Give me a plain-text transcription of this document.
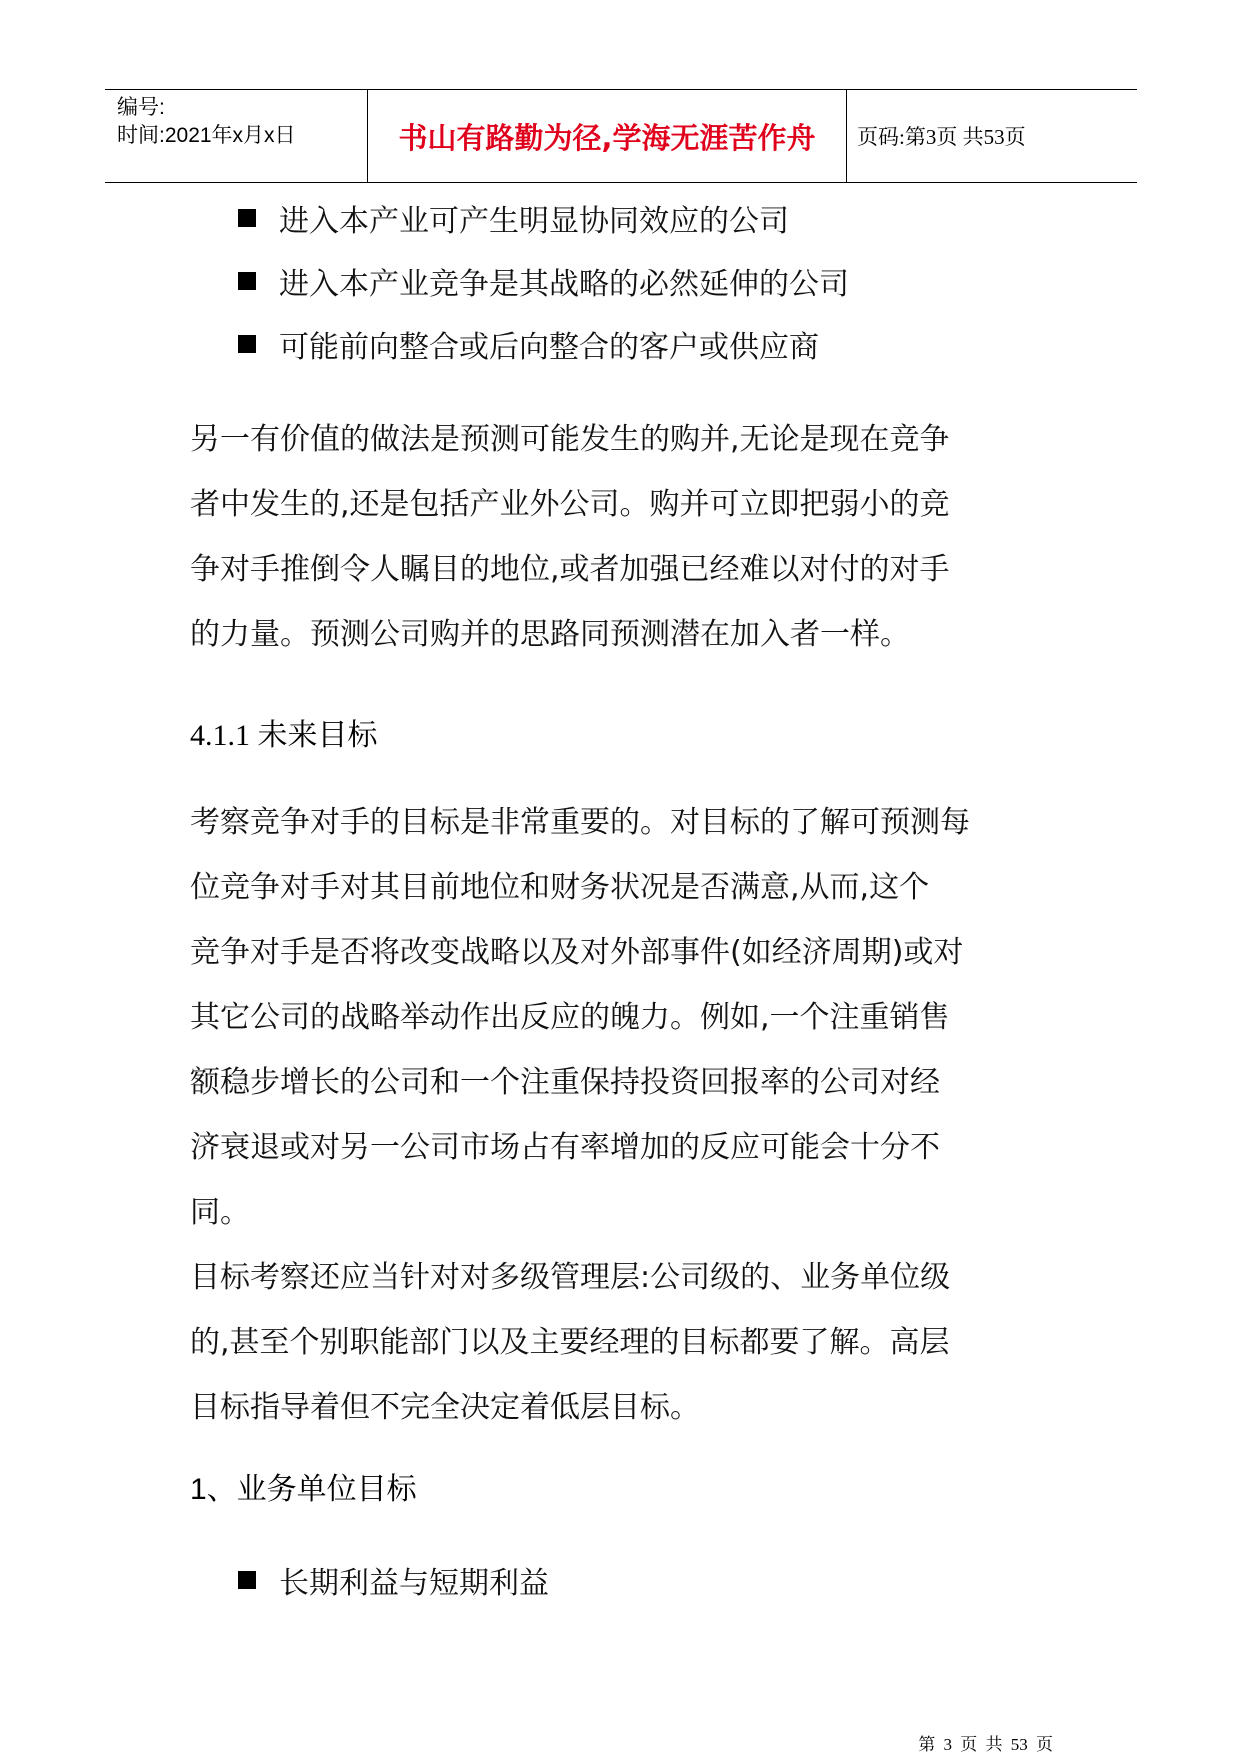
编号:
时间:2021年x月x日	书山有路勤为径,学海无涯苦作舟	页码:第3页 共53页
进入本产业可产生明显协同效应的公司
进入本产业竞争是其战略的必然延伸的公司
可能前向整合或后向整合的客户或供应商
另一有价值的做法是预测可能发生的购并,无论是现在竞争
者中发生的,还是包括产业外公司。购并可立即把弱小的竞
争对手推倒令人瞩目的地位,或者加强已经难以对付的对手
的力量。预测公司购并的思路同预测潜在加入者一样。
4.1.1 未来目标
考察竞争对手的目标是非常重要的。对目标的了解可预测每
位竞争对手对其目前地位和财务状况是否满意,从而,这个
竞争对手是否将改变战略以及对外部事件(如经济周期)或对
其它公司的战略举动作出反应的魄力。例如,一个注重销售
额稳步增长的公司和一个注重保持投资回报率的公司对经
济衰退或对另一公司市场占有率增加的反应可能会十分不
同。
目标考察还应当针对对多级管理层:公司级的、业务单位级
的,甚至个别职能部门以及主要经理的目标都要了解。高层
目标指导着但不完全决定着低层目标。
1、业务单位目标
长期利益与短期利益
第 3 页 共 53 页
